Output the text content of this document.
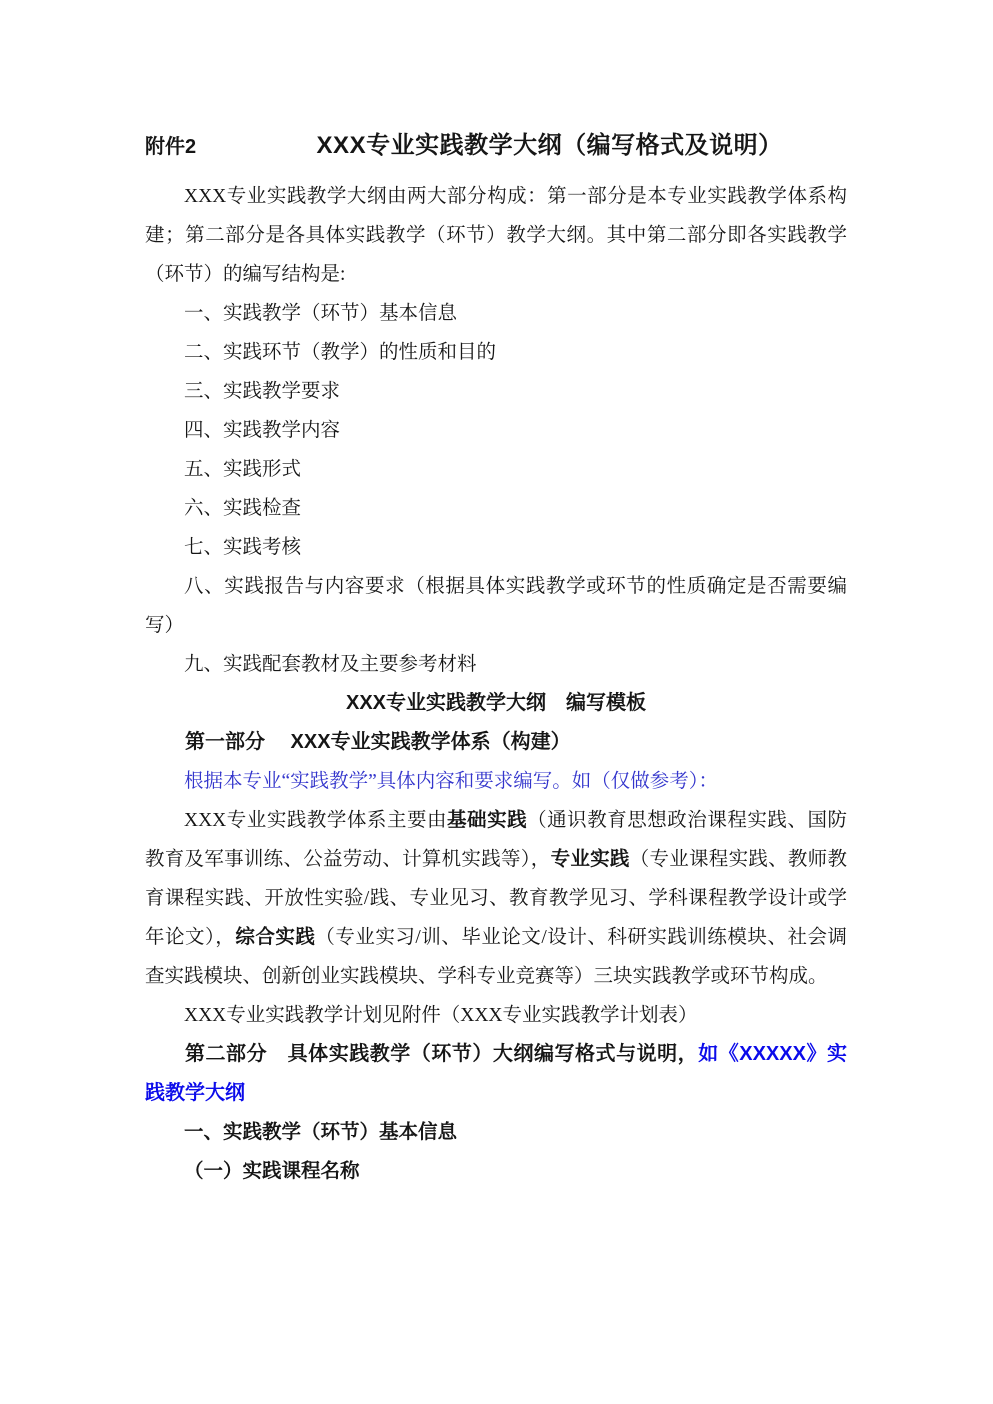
附件2	XXX专业实践教学大纲（编写格式及说明）

XXX专业实践教学大纲由两大部分构成：第一部分是本专业实践教学体系构建；第二部分是各具体实践教学（环节）教学大纲。其中第二部分即各实践教学（环节）的编写结构是:

一、实践教学（环节）基本信息

二、实践环节（教学）的性质和目的

三、实践教学要求

四、实践教学内容

五、实践形式

六、实践检查

七、实践考核

八、实践报告与内容要求（根据具体实践教学或环节的性质确定是否需要编写）

九、实践配套教材及主要参考材料

XXX专业实践教学大纲　编写模板

第一部分　 XXX专业实践教学体系（构建）

根据本专业“实践教学”具体内容和要求编写。如（仅做参考）：

XXX专业实践教学体系主要由基础实践（通识教育思想政治课程实践、国防教育及军事训练、公益劳动、计算机实践等），专业实践（专业课程实践、教师教育课程实践、开放性实验/践、专业见习、教育教学见习、学科课程教学设计或学年论文），综合实践（专业实习/训、毕业论文/设计、科研实践训练模块、社会调查实践模块、创新创业实践模块、学科专业竞赛等）三块实践教学或环节构成。

XXX专业实践教学计划见附件（XXX专业实践教学计划表）

第二部分　具体实践教学（环节）大纲编写格式与说明，如《XXXXX》实践教学大纲

一、实践教学（环节）基本信息

（一）实践课程名称
